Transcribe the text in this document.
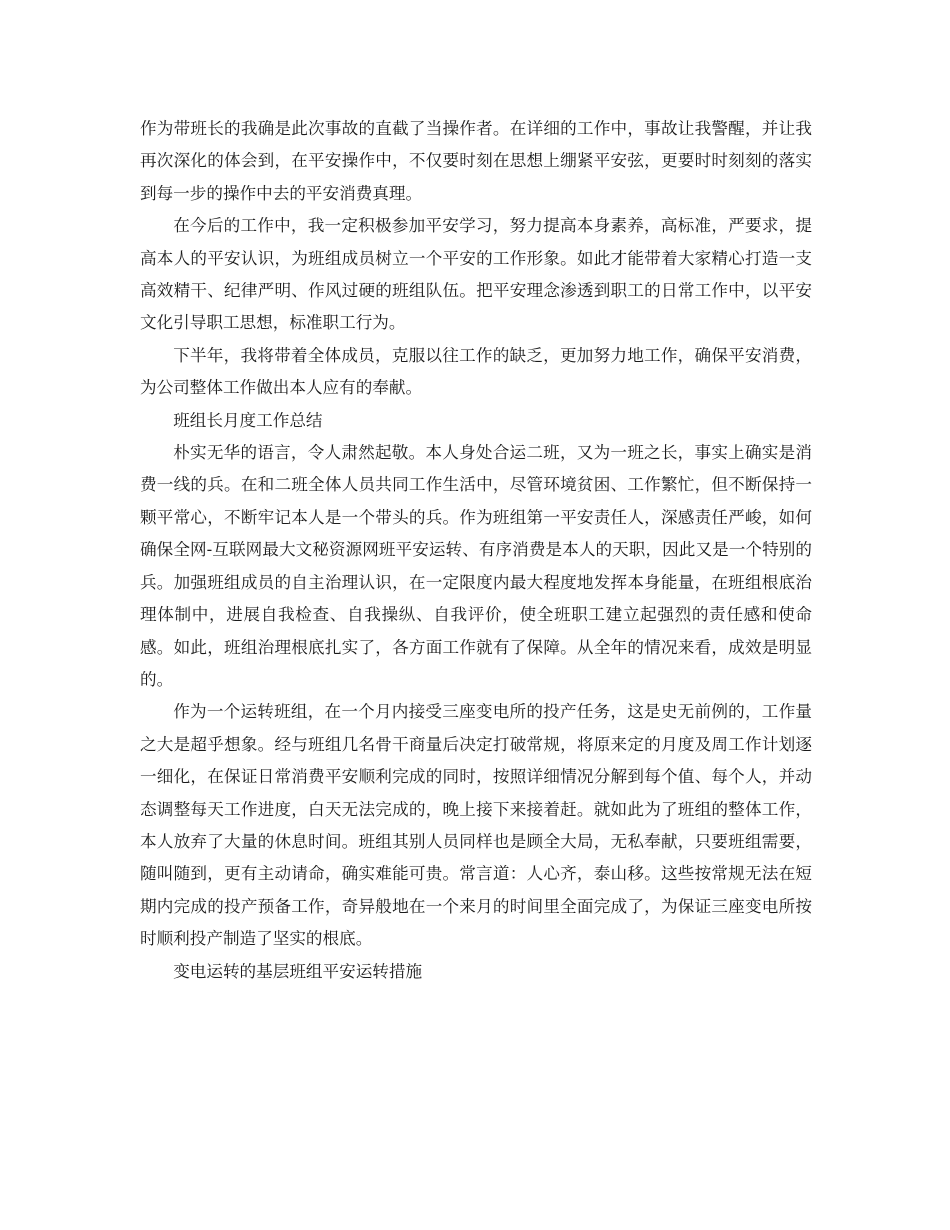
作为带班长的我确是此次事故的直截了当操作者。在详细的工作中，事故让我警醒，并让我再次深化的体会到，在平安操作中，不仅要时刻在思想上绷紧平安弦，更要时时刻刻的落实到每一步的操作中去的平安消费真理。

在今后的工作中，我一定积极参加平安学习，努力提高本身素养，高标准，严要求，提高本人的平安认识，为班组成员树立一个平安的工作形象。如此才能带着大家精心打造一支高效精干、纪律严明、作风过硬的班组队伍。把平安理念渗透到职工的日常工作中，以平安文化引导职工思想，标准职工行为。

下半年，我将带着全体成员，克服以往工作的缺乏，更加努力地工作，确保平安消费，为公司整体工作做出本人应有的奉献。

班组长月度工作总结

朴实无华的语言，令人肃然起敬。本人身处合运二班，又为一班之长，事实上确实是消费一线的兵。在和二班全体人员共同工作生活中，尽管环境贫困、工作繁忙，但不断保持一颗平常心，不断牢记本人是一个带头的兵。作为班组第一平安责任人，深感责任严峻，如何确保全网-互联网最大文秘资源网班平安运转、有序消费是本人的天职，因此又是一个特别的兵。加强班组成员的自主治理认识，在一定限度内最大程度地发挥本身能量，在班组根底治理体制中，进展自我检查、自我操纵、自我评价，使全班职工建立起强烈的责任感和使命感。如此，班组治理根底扎实了，各方面工作就有了保障。从全年的情况来看，成效是明显的。

作为一个运转班组，在一个月内接受三座变电所的投产任务，这是史无前例的，工作量之大是超乎想象。经与班组几名骨干商量后决定打破常规，将原来定的月度及周工作计划逐一细化，在保证日常消费平安顺利完成的同时，按照详细情况分解到每个值、每个人，并动态调整每天工作进度，白天无法完成的，晚上接下来接着赶。就如此为了班组的整体工作，本人放弃了大量的休息时间。班组其别人员同样也是顾全大局，无私奉献，只要班组需要，随叫随到，更有主动请命，确实难能可贵。常言道：人心齐，泰山移。这些按常规无法在短期内完成的投产预备工作，奇异般地在一个来月的时间里全面完成了，为保证三座变电所按时顺利投产制造了坚实的根底。

变电运转的基层班组平安运转措施
